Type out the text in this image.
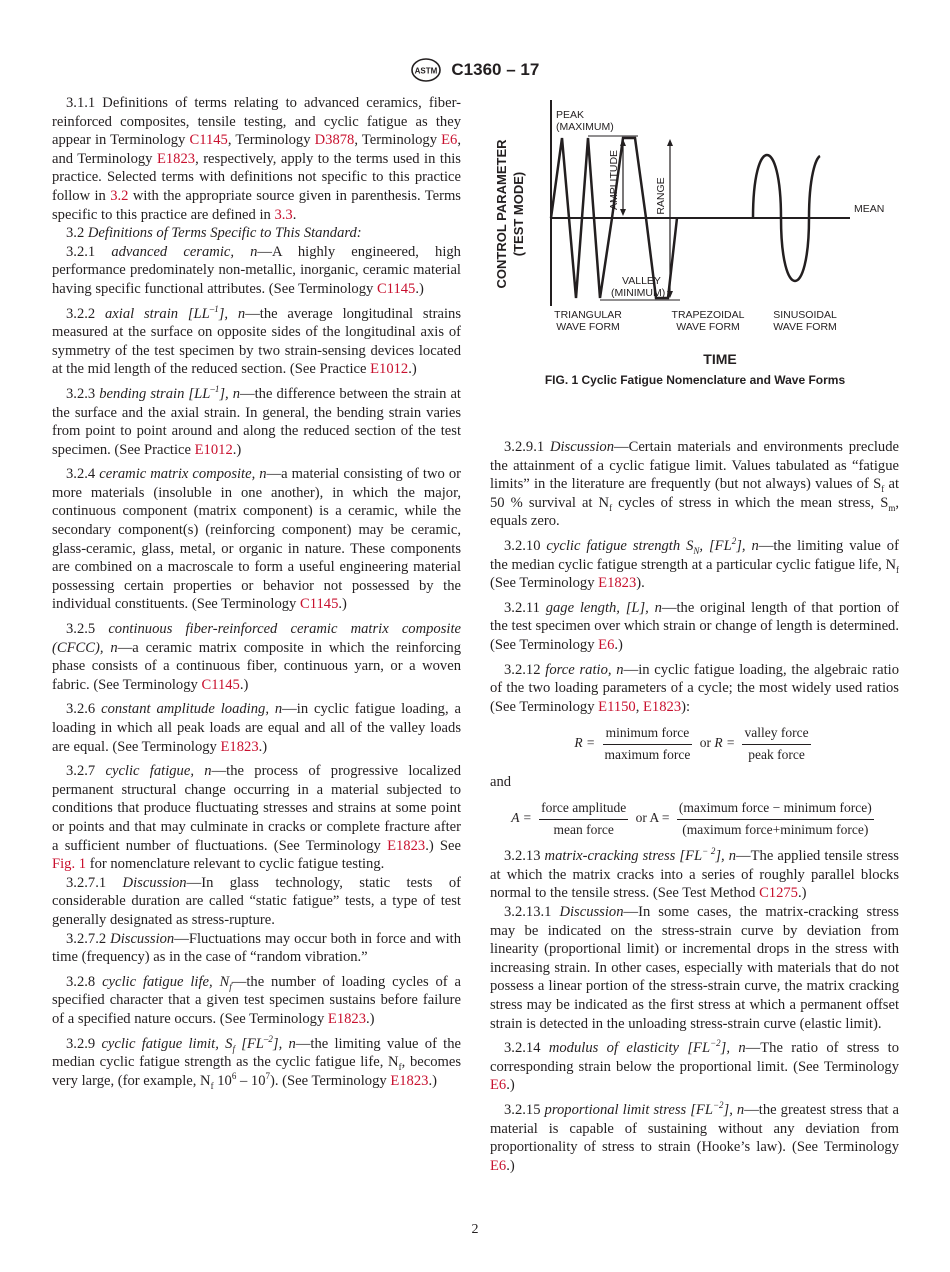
ASTM C1360 – 17

3.1.1 Definitions of terms relating to advanced ceramics, fiber-reinforced composites, tensile testing, and cyclic fatigue as they appear in Terminology C1145, Terminology D3878, Terminology E6, and Terminology E1823, respectively, apply to the terms used in this practice. Selected terms with definitions not specific to this practice follow in 3.2 with the appropriate source given in parenthesis. Terms specific to this practice are defined in 3.3.

3.2 Definitions of Terms Specific to This Standard:

3.2.1 advanced ceramic, n—A highly engineered, high performance predominately non-metallic, inorganic, ceramic material having specific functional attributes. (See Terminology C1145.)

3.2.2 axial strain $[LL^{-1}]$, n—the average longitudinal strains measured at the surface on opposite sides of the longitudinal axis of symmetry of the test specimen by two strain-sensing devices located at the mid length of the reduced section. (See Practice E1012.)

3.2.3 bending strain $[LL^{-1}]$, n—the difference between the strain at the surface and the axial strain. In general, the bending strain varies from point to point around and along the reduced section of the test specimen. (See Practice E1012.)

3.2.4 ceramic matrix composite, n—a material consisting of two or more materials (insoluble in one another), in which the major, continuous component (matrix component) is a ceramic, while the secondary component(s) (reinforcing component) may be ceramic, glass-ceramic, glass, metal, or organic in nature. These components are combined on a macroscale to form a useful engineering material possessing certain properties or behavior not possessed by the individual constituents. (See Terminology C1145.)

3.2.5 continuous fiber-reinforced ceramic matrix composite (CFCC), n—a ceramic matrix composite in which the reinforcing phase consists of a continuous fiber, continuous yarn, or a woven fabric. (See Terminology C1145.)

3.2.6 constant amplitude loading, n—in cyclic fatigue loading, a loading in which all peak loads are equal and all of the valley loads are equal. (See Terminology E1823.)

3.2.7 cyclic fatigue, n—the process of progressive localized permanent structural change occurring in a material subjected to conditions that produce fluctuating stresses and strains at some point or points and that may culminate in cracks or complete fracture after a sufficient number of fluctuations. (See Terminology E1823.) See Fig. 1 for nomenclature relevant to cyclic fatigue testing.

3.2.7.1 Discussion—In glass technology, static tests of considerable duration are called “static fatigue” tests, a type of test generally designated as stress-rupture.

3.2.7.2 Discussion—Fluctuations may occur both in force and with time (frequency) as in the case of “random vibration.”

3.2.8 cyclic fatigue life, $N_f—the$ number of loading cycles of a specified character that a given test specimen sustains before failure of a specified nature occurs. (See Terminology E1823.)

3.2.9 cyclic fatigue limit, $S_f$ $[FL^{-2}]$, n—the limiting value of the median cyclic fatigue strength as the cyclic fatigue life, $N_f$, becomes very large, (for example, $N_f$ $10^6 - 10^7$). (See Terminology E1823.)

CONTROL PARAMETER (TEST MODE)
TIME
PEAK
(MAXIMUM)
VALLEY
(MINIMUM)
AMPLITUDE	RANGE	MEAN
TRIANGULAR
WAVE FORM
TRAPEZOIDAL
WAVE FORM
SINUSOIDAL
WAVE FORM
FIG. 1 Cyclic Fatigue Nomenclature and Wave Forms

3.2.9.1 Discussion—Certain materials and environments preclude the attainment of a cyclic fatigue limit. Values tabulated as “fatigue limits” in the literature are frequently (but not always) values of $S_f$ at 50 % survival at $N_f$ cycles of stress in which the mean stress, $S_m$, equals zero.

3.2.10 cyclic fatigue strength $S_N$, $[FL^2]$, n—the limiting value of the median cyclic fatigue strength at a particular cyclic fatigue life, $N_f$ (See Terminology E1823).

3.2.11 gage length, [L], n—the original length of that portion of the test specimen over which strain or change of length is determined. (See Terminology E6.)

3.2.12 force ratio, n—in cyclic fatigue loading, the algebraic ratio of the two loading parameters of a cycle; the most widely used ratios (See Terminology E1150, E1823):

$R = \frac{\text{minimum force}}{\text{maximum force}}$ or $R = \frac{\text{valley force}}{\text{peak force}}$

and

$A = \frac{\text{force amplitude}}{\text{mean force}}$ or $A = \frac{\text{(maximum force − minimum force)}}{\text{(maximum force+minimum force)}}$

3.2.13 matrix-cracking stress $[FL^{- 2}]$, n—The applied tensile stress at which the matrix cracks into a series of roughly parallel blocks normal to the tensile stress. (See Test Method C1275.)

3.2.13.1 Discussion—In some cases, the matrix-cracking stress may be indicated on the stress-strain curve by deviation from linearity (proportional limit) or incremental drops in the stress with increasing strain. In other cases, especially with materials that do not possess a linear portion of the stress-strain curve, the matrix cracking stress may be indicated as the first stress at which a permanent offset strain is detected in the unloading stress-strain curve (elastic limit).

3.2.14 modulus of elasticity $[FL^{-2}]$, n—The ratio of stress to corresponding strain below the proportional limit. (See Terminology E6.)

3.2.15 proportional limit stress $[FL^{-2}]$, n—the greatest stress that a material is capable of sustaining without any deviation from proportionality of stress to strain (Hooke’s law). (See Terminology E6.)

2
